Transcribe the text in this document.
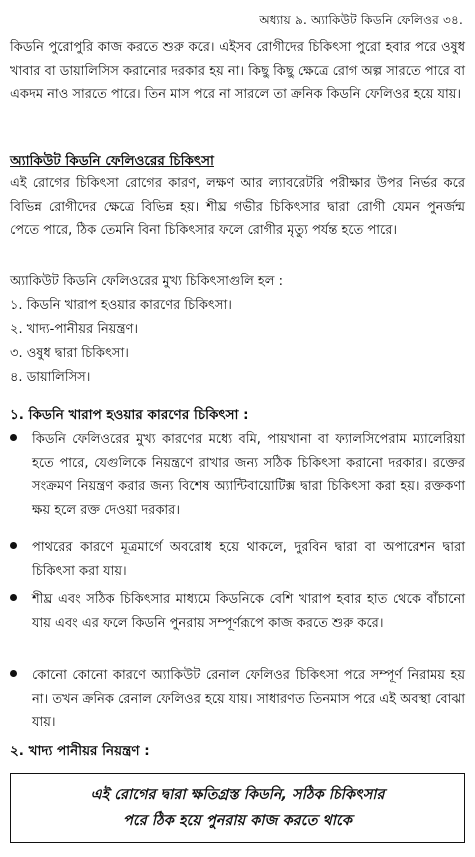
অধ্যায় ৯. অ্যাকিউট কিডনি ফেলিওর ৩৪.

কিডনি পুরোপুরি কাজ করতে শুরু করে। এইসব রোগীদের চিকিৎসা পুরো হবার পরে ওষুধ খাবার বা ডায়ালিসিস করানোর দরকার হয় না। কিছু কিছু ক্ষেত্রে রোগ অল্প সারতে পারে বা একদম নাও সারতে পারে। তিন মাস পরে না সারলে তা ক্রনিক কিডনি ফেলিওর হয়ে যায়।

অ্যাকিউট কিডনি ফেলিওরের চিকিৎসা

এই রোগের চিকিৎসা রোগের কারণ, লক্ষণ আর ল্যাবরেটরি পরীক্ষার উপর নির্ভর করে বিভিন্ন রোগীদের ক্ষেত্রে বিভিন্ন হয়। শীঘ্র গভীর চিকিৎসার দ্বারা রোগী যেমন পুনর্জন্ম পেতে পারে, ঠিক তেমনি বিনা চিকিৎসার ফলে রোগীর মৃত্যু পর্যন্ত হতে পারে।

অ্যাকিউট কিডনি ফেলিওরের মুখ্য চিকিৎসাগুলি হল :
১. কিডনি খারাপ হওয়ার কারণের চিকিৎসা।
২. খাদ্য-পানীয়র নিয়ন্ত্রণ।
৩. ওষুধ দ্বারা চিকিৎসা।
৪. ডায়ালিসিস।
১. কিডনি খারাপ হওয়ার কারণের চিকিৎসা :

কিডনি ফেলিওরের মুখ্য কারণের মধ্যে বমি, পায়খানা বা ফ্যালসিপেরাম ম্যালেরিয়া হতে পারে, যেগুলিকে নিয়ন্ত্রণে রাখার জন্য সঠিক চিকিৎসা করানো দরকার। রক্তের সংক্রমণ নিয়ন্ত্রণ করার জন্য বিশেষ অ্যান্টিবায়োটিক্স দ্বারা চিকিৎসা করা হয়। রক্তকণা ক্ষয় হলে রক্ত দেওয়া দরকার।

পাথরের কারণে মূত্রমার্গে অবরোধ হয়ে থাকলে, দুরবিন দ্বারা বা অপারেশন দ্বারা চিকিৎসা করা যায়।

শীঘ্র এবং সঠিক চিকিৎসার মাধ্যমে কিডনিকে বেশি খারাপ হবার হাত থেকে বাঁচানো যায় এবং এর ফলে কিডনি পুনরায় সম্পূর্ণরূপে কাজ করতে শুরু করে।

কোনো কোনো কারণে অ্যাকিউট রেনাল ফেলিওর চিকিৎসা পরে সম্পূর্ণ নিরাময় হয় না। তখন ক্রনিক রেনাল ফেলিওর হয়ে যায়। সাধারণত তিনমাস পরে এই অবস্থা বোঝা যায়।

২. খাদ্য পানীয়র নিয়ন্ত্রণ :
এই রোগের দ্বারা ক্ষতিগ্রস্ত কিডনি, সঠিক চিকিৎসার
পরে ঠিক হয়ে পুনরায় কাজ করতে থাকে
